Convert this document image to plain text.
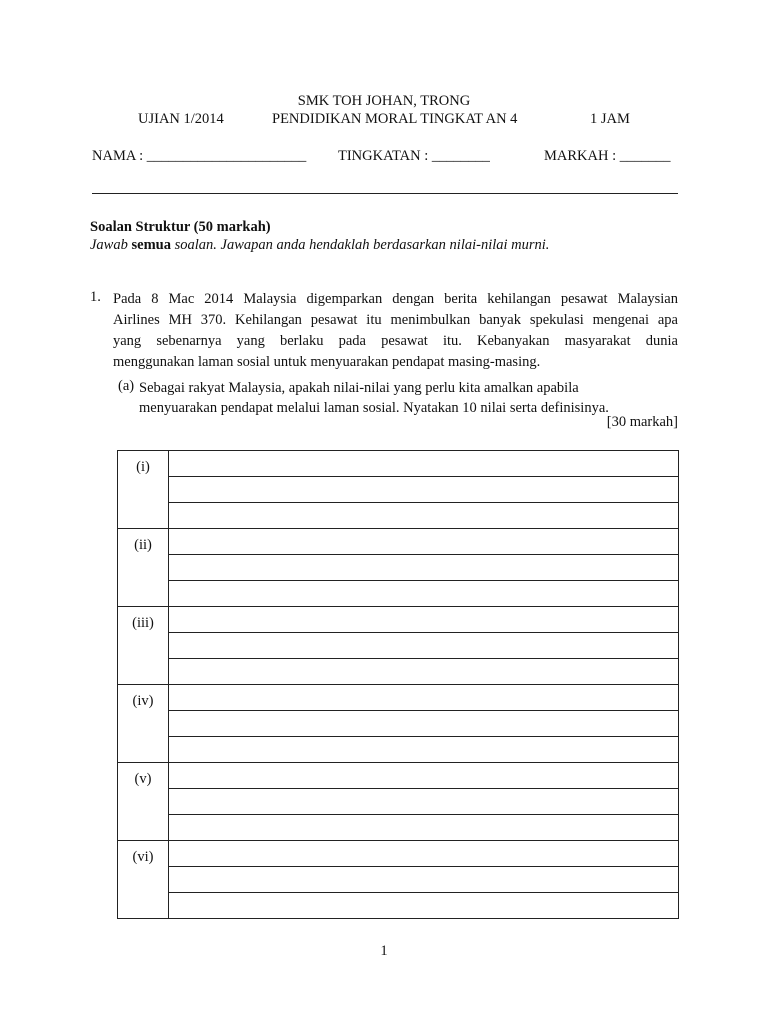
SMK TOH JOHAN, TRONG
UJIAN 1/2014	PENDIDIKAN MORAL TINGKAT AN 4	1 JAM
NAMA : ______________________ TINGKATAN : ________	MARKAH : _______
Soalan Struktur (50 markah)
Jawab semua soalan. Jawapan anda hendaklah berdasarkan nilai-nilai murni.
1. Pada 8 Mac 2014 Malaysia digemparkan dengan berita kehilangan pesawat Malaysian
Airlines MH 370. Kehilangan pesawat itu menimbulkan banyak spekulasi mengenai apa
yang sebenarnya yang berlaku pada pesawat itu. Kebanyakan masyarakat dunia
menggunakan laman sosial untuk menyuarakan pendapat masing-masing.
(a) Sebagai rakyat Malaysia, apakah nilai-nilai yang perlu kita amalkan apabila
menyuarakan pendapat melalui laman sosial. Nyatakan 10 nilai serta definisinya.
[30 markah]
(i)	

(ii)	

(iii)	

(iv)	

(v)	

(vi)	

1
